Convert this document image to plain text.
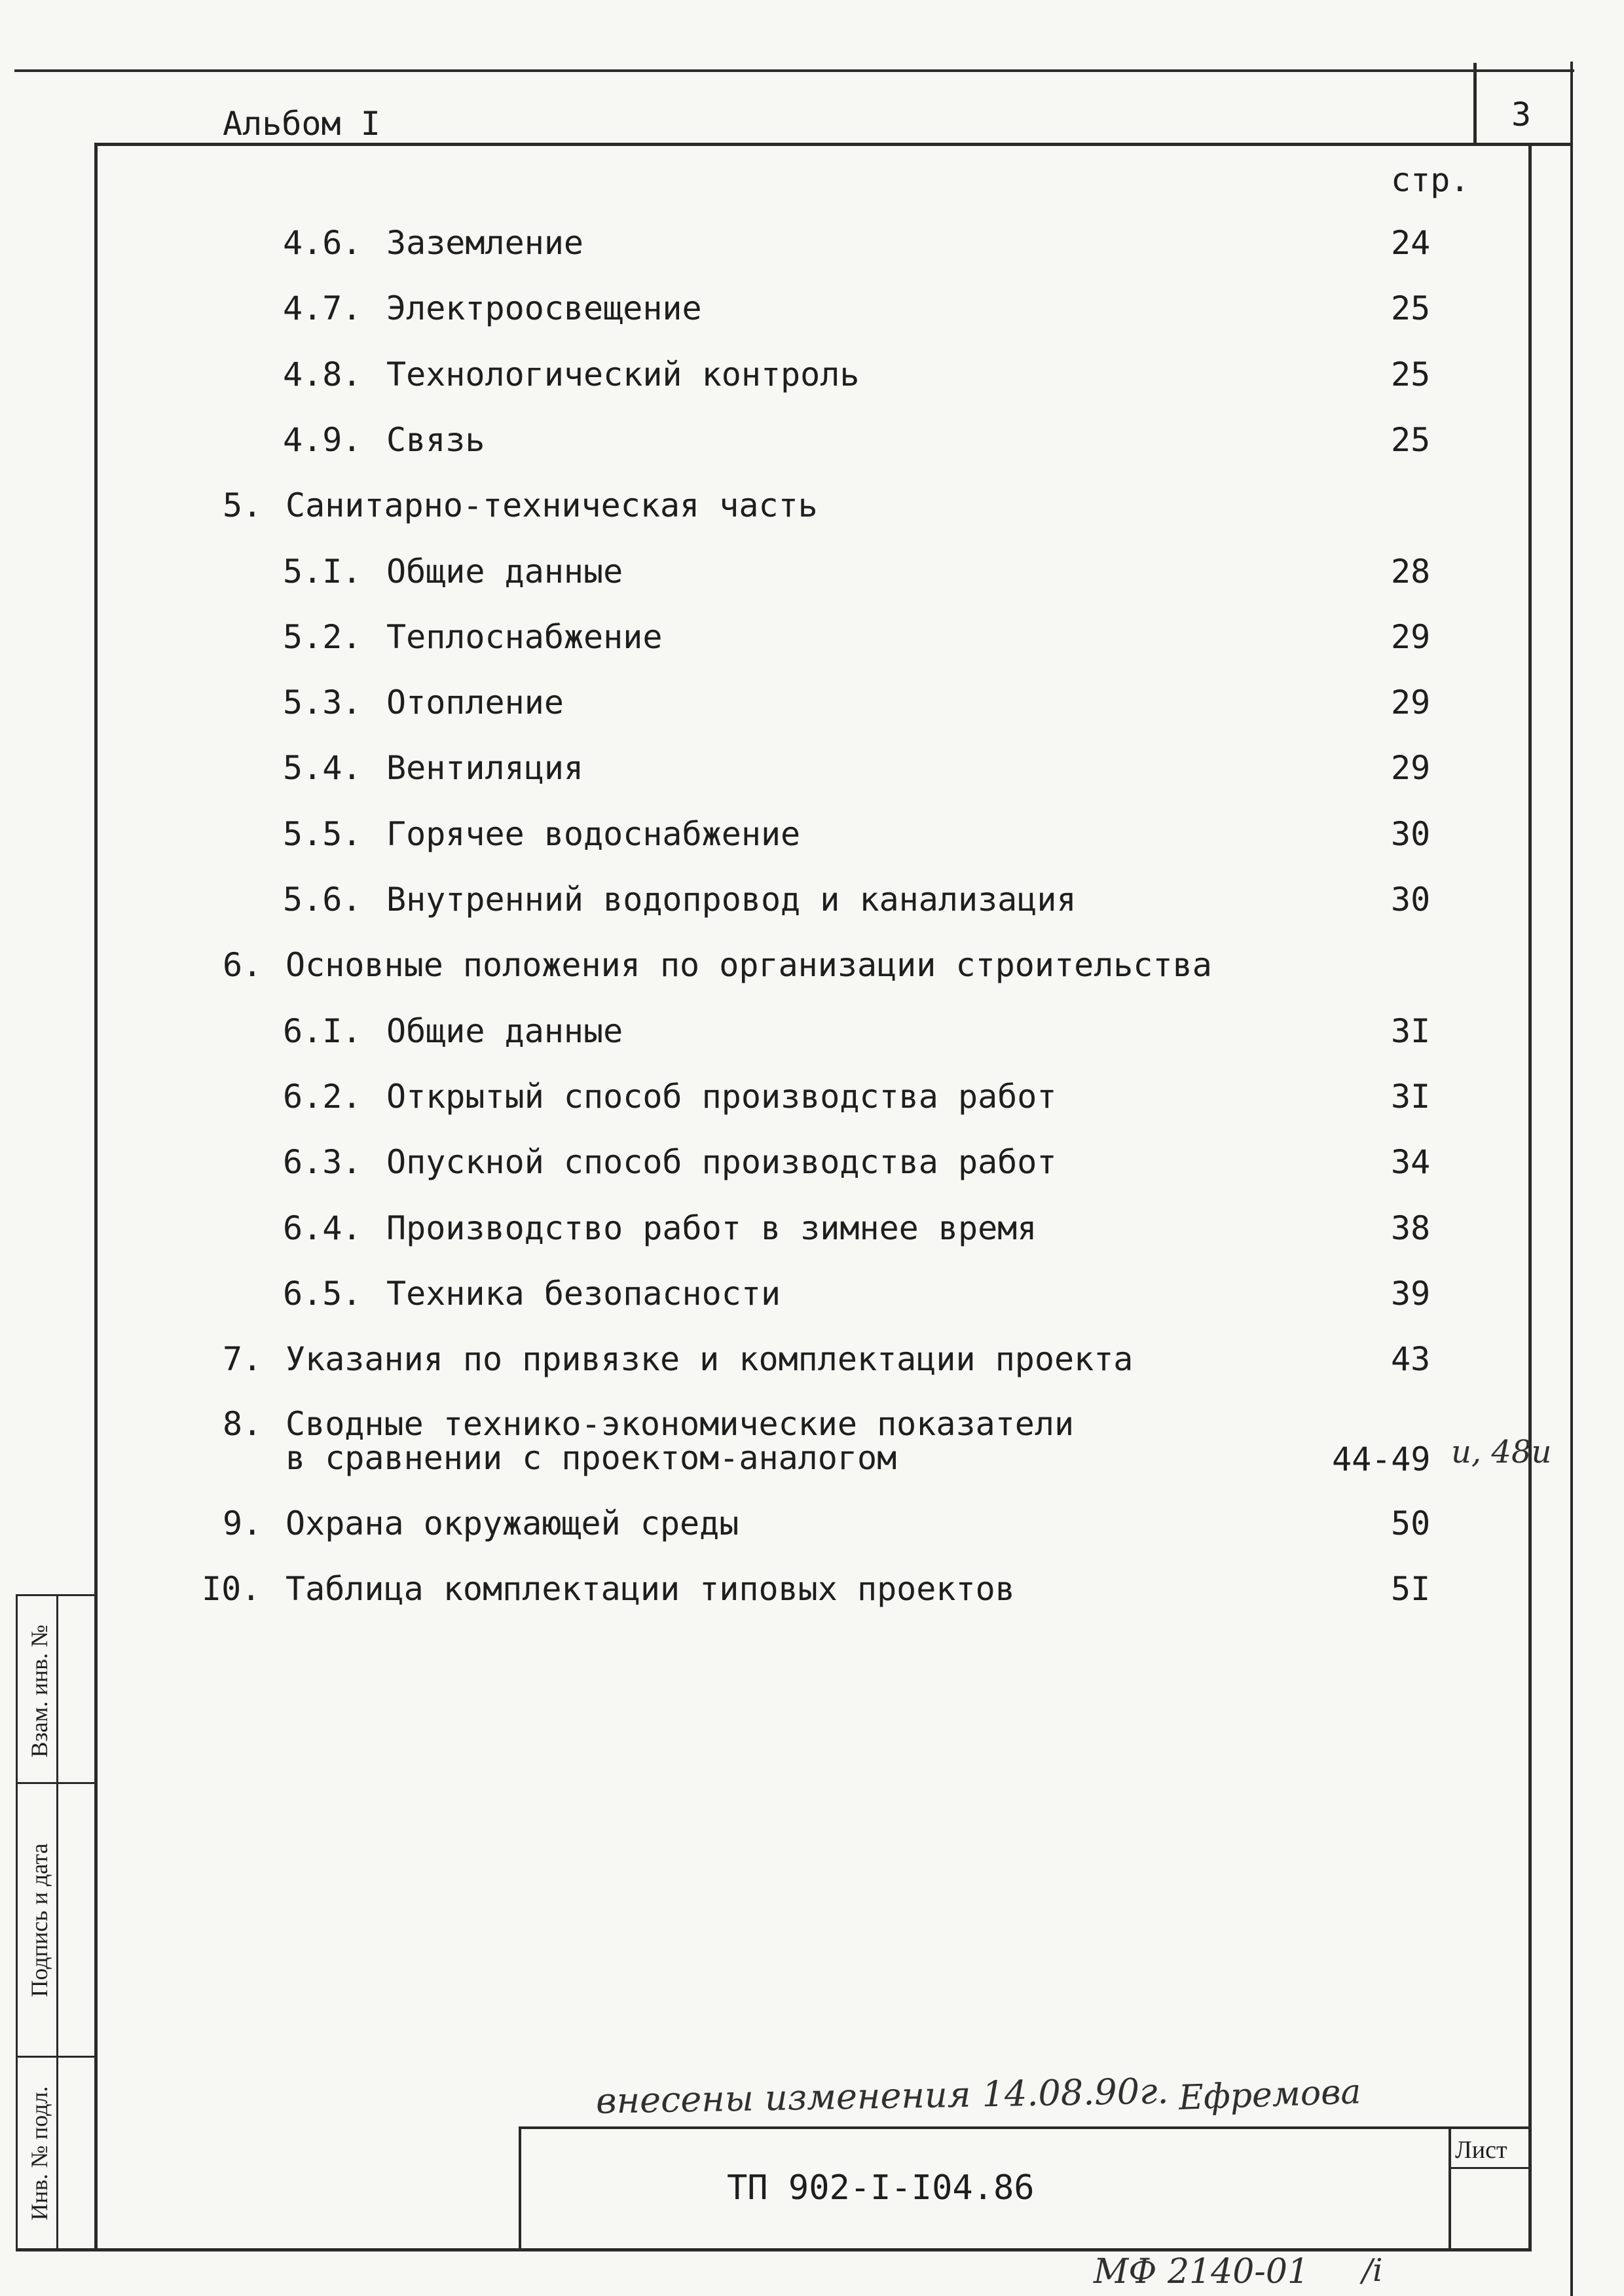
Альбом I	3
стр.
4.6. Заземление	24
4.7. Электроосвещение	25
4.8. Технологический контроль	25
4.9. Связь	25
5. Санитарно-техническая часть
5.I. Общие данные	28
5.2. Теплоснабжение	29
5.3. Отопление	29
5.4. Вентиляция	29
5.5. Горячее водоснабжение	30
5.6. Внутренний водопровод и канализация	30
6. Основные положения по организации строительства
6.I. Общие данные	3I
6.2. Открытый способ производства работ	3I
6.3. Опускной способ производства работ	34
6.4. Производство работ в зимнее время	38
6.5. Техника безопасности	39
7. Указания по привязке и комплектации проекта	43
8. Сводные технико-экономические показатели
в сравнении с проектом-аналогом	44-49 и, 48и
9. Охрана окружающей среды	50
I0. Таблица комплектации типовых проектов	5I
Взам. инв. №
Подпись и дата
Инв. № подл.	внесены изменения 14.08.90г. Ефремова
ТП 902-I-I04.86
Лист
МФ 2140-01 /i
